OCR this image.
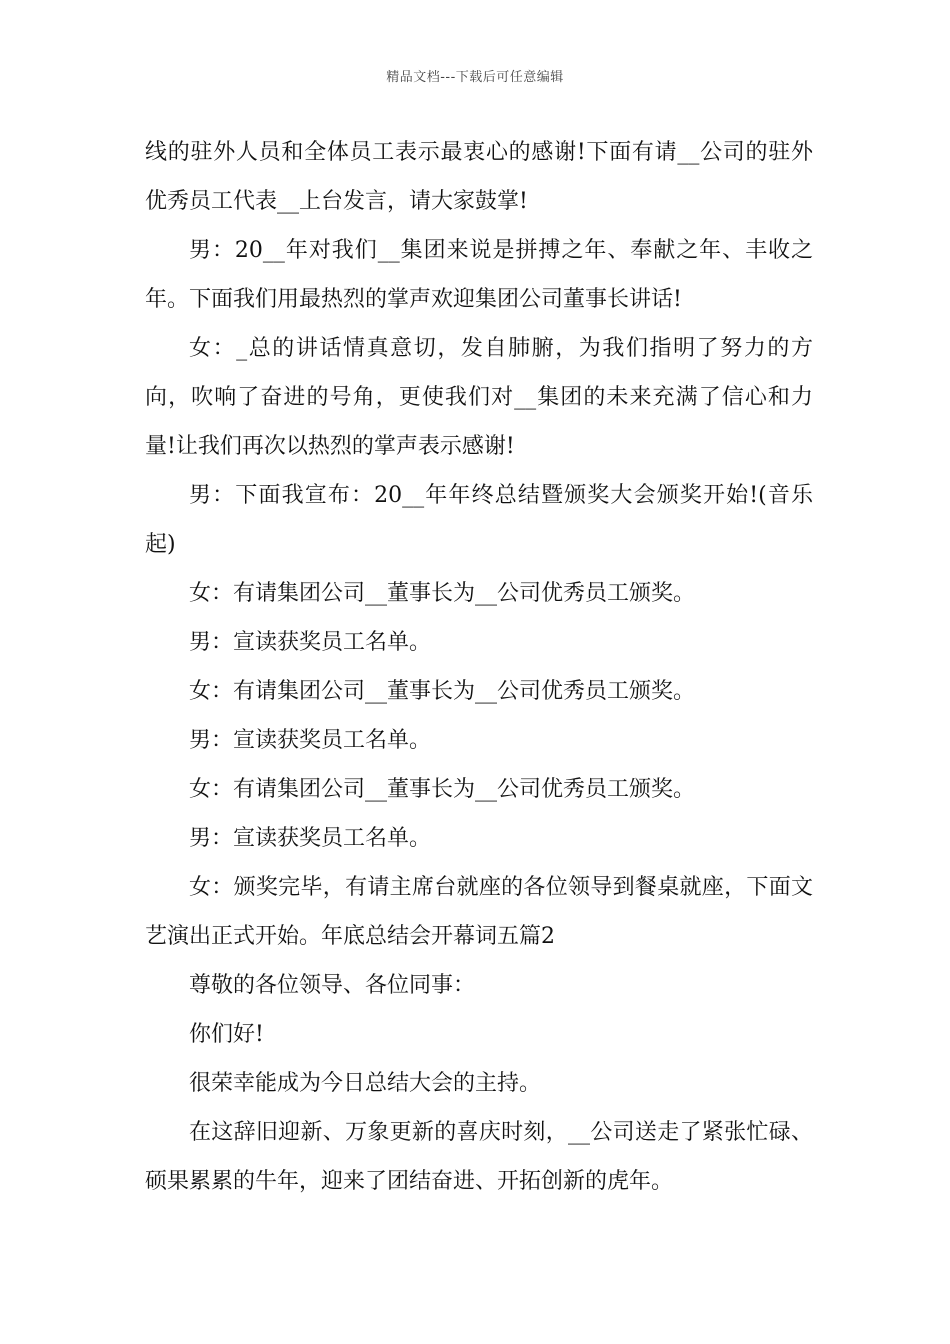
精品文档---下载后可任意编辑

线的驻外人员和全体员工表示最衷心的感谢!下面有请__公司的驻外优秀员工代表__上台发言，请大家鼓掌!

男：20__年对我们__集团来说是拼搏之年、奉献之年、丰收之年。下面我们用最热烈的掌声欢迎集团公司董事长讲话!

女：_总的讲话情真意切，发自肺腑，为我们指明了努力的方向，吹响了奋进的号角，更使我们对__集团的未来充满了信心和力量!让我们再次以热烈的掌声表示感谢!

男：下面我宣布：20__年年终总结暨颁奖大会颁奖开始!(音乐起)

女：有请集团公司__董事长为__公司优秀员工颁奖。

男：宣读获奖员工名单。

女：有请集团公司__董事长为__公司优秀员工颁奖。

男：宣读获奖员工名单。

女：有请集团公司__董事长为__公司优秀员工颁奖。

男：宣读获奖员工名单。

女：颁奖完毕，有请主席台就座的各位领导到餐桌就座，下面文艺演出正式开始。年底总结会开幕词五篇2

尊敬的各位领导、各位同事：

你们好!

很荣幸能成为今日总结大会的主持。

在这辞旧迎新、万象更新的喜庆时刻，__公司送走了紧张忙碌、硕果累累的牛年，迎来了团结奋进、开拓创新的虎年。
